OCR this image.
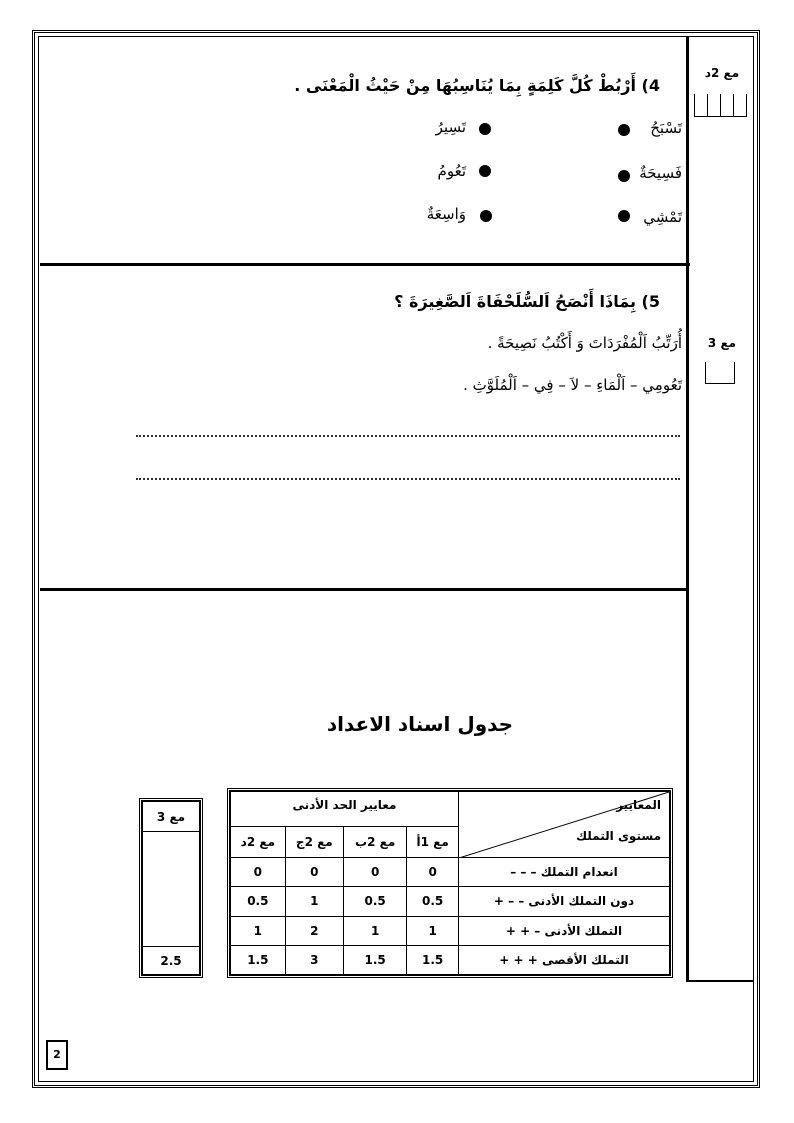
4) أَرْبُطْ كُلَّ كَلِمَةٍ بِمَا يُنَاسِبُهَا مِنْ حَيْثُ الْمَعْنَى .
تَسْبَحُ
فَسِيحَةٌ
تَمْشِي
تَسِيرُ
تَعُومُ
وَاسِعَةٌ
مع 2د
5) بِمَاذَا أَنْصَحُ اَلسُّلَحْفَاةَ اَلصَّغِيرَةَ ؟
أُرَتِّبُ اَلْمُفْرَدَاتَ وَ أَكْتُبُ نَصِيحَةً .
تَعُومِي – اَلْمَاءِ – لاَ – فِي – اَلْمُلَوَّثِ .
مع 3
جدول اسناد الاعداد
معايير الحد الأدنى				المعايير
مستوى التملك

مع 2د	مع 2ج	مع 2ب	مع 1أ	
0	0	0	0	انعدام التملك – – –
0.5	1	0.5	0.5	دون التملك الأدنى – – +
1	2	1	1	التملك الأدنى – + +
1.5	3	1.5	1.5	التملك الأقصى + + +
مع 3

2.5
2
